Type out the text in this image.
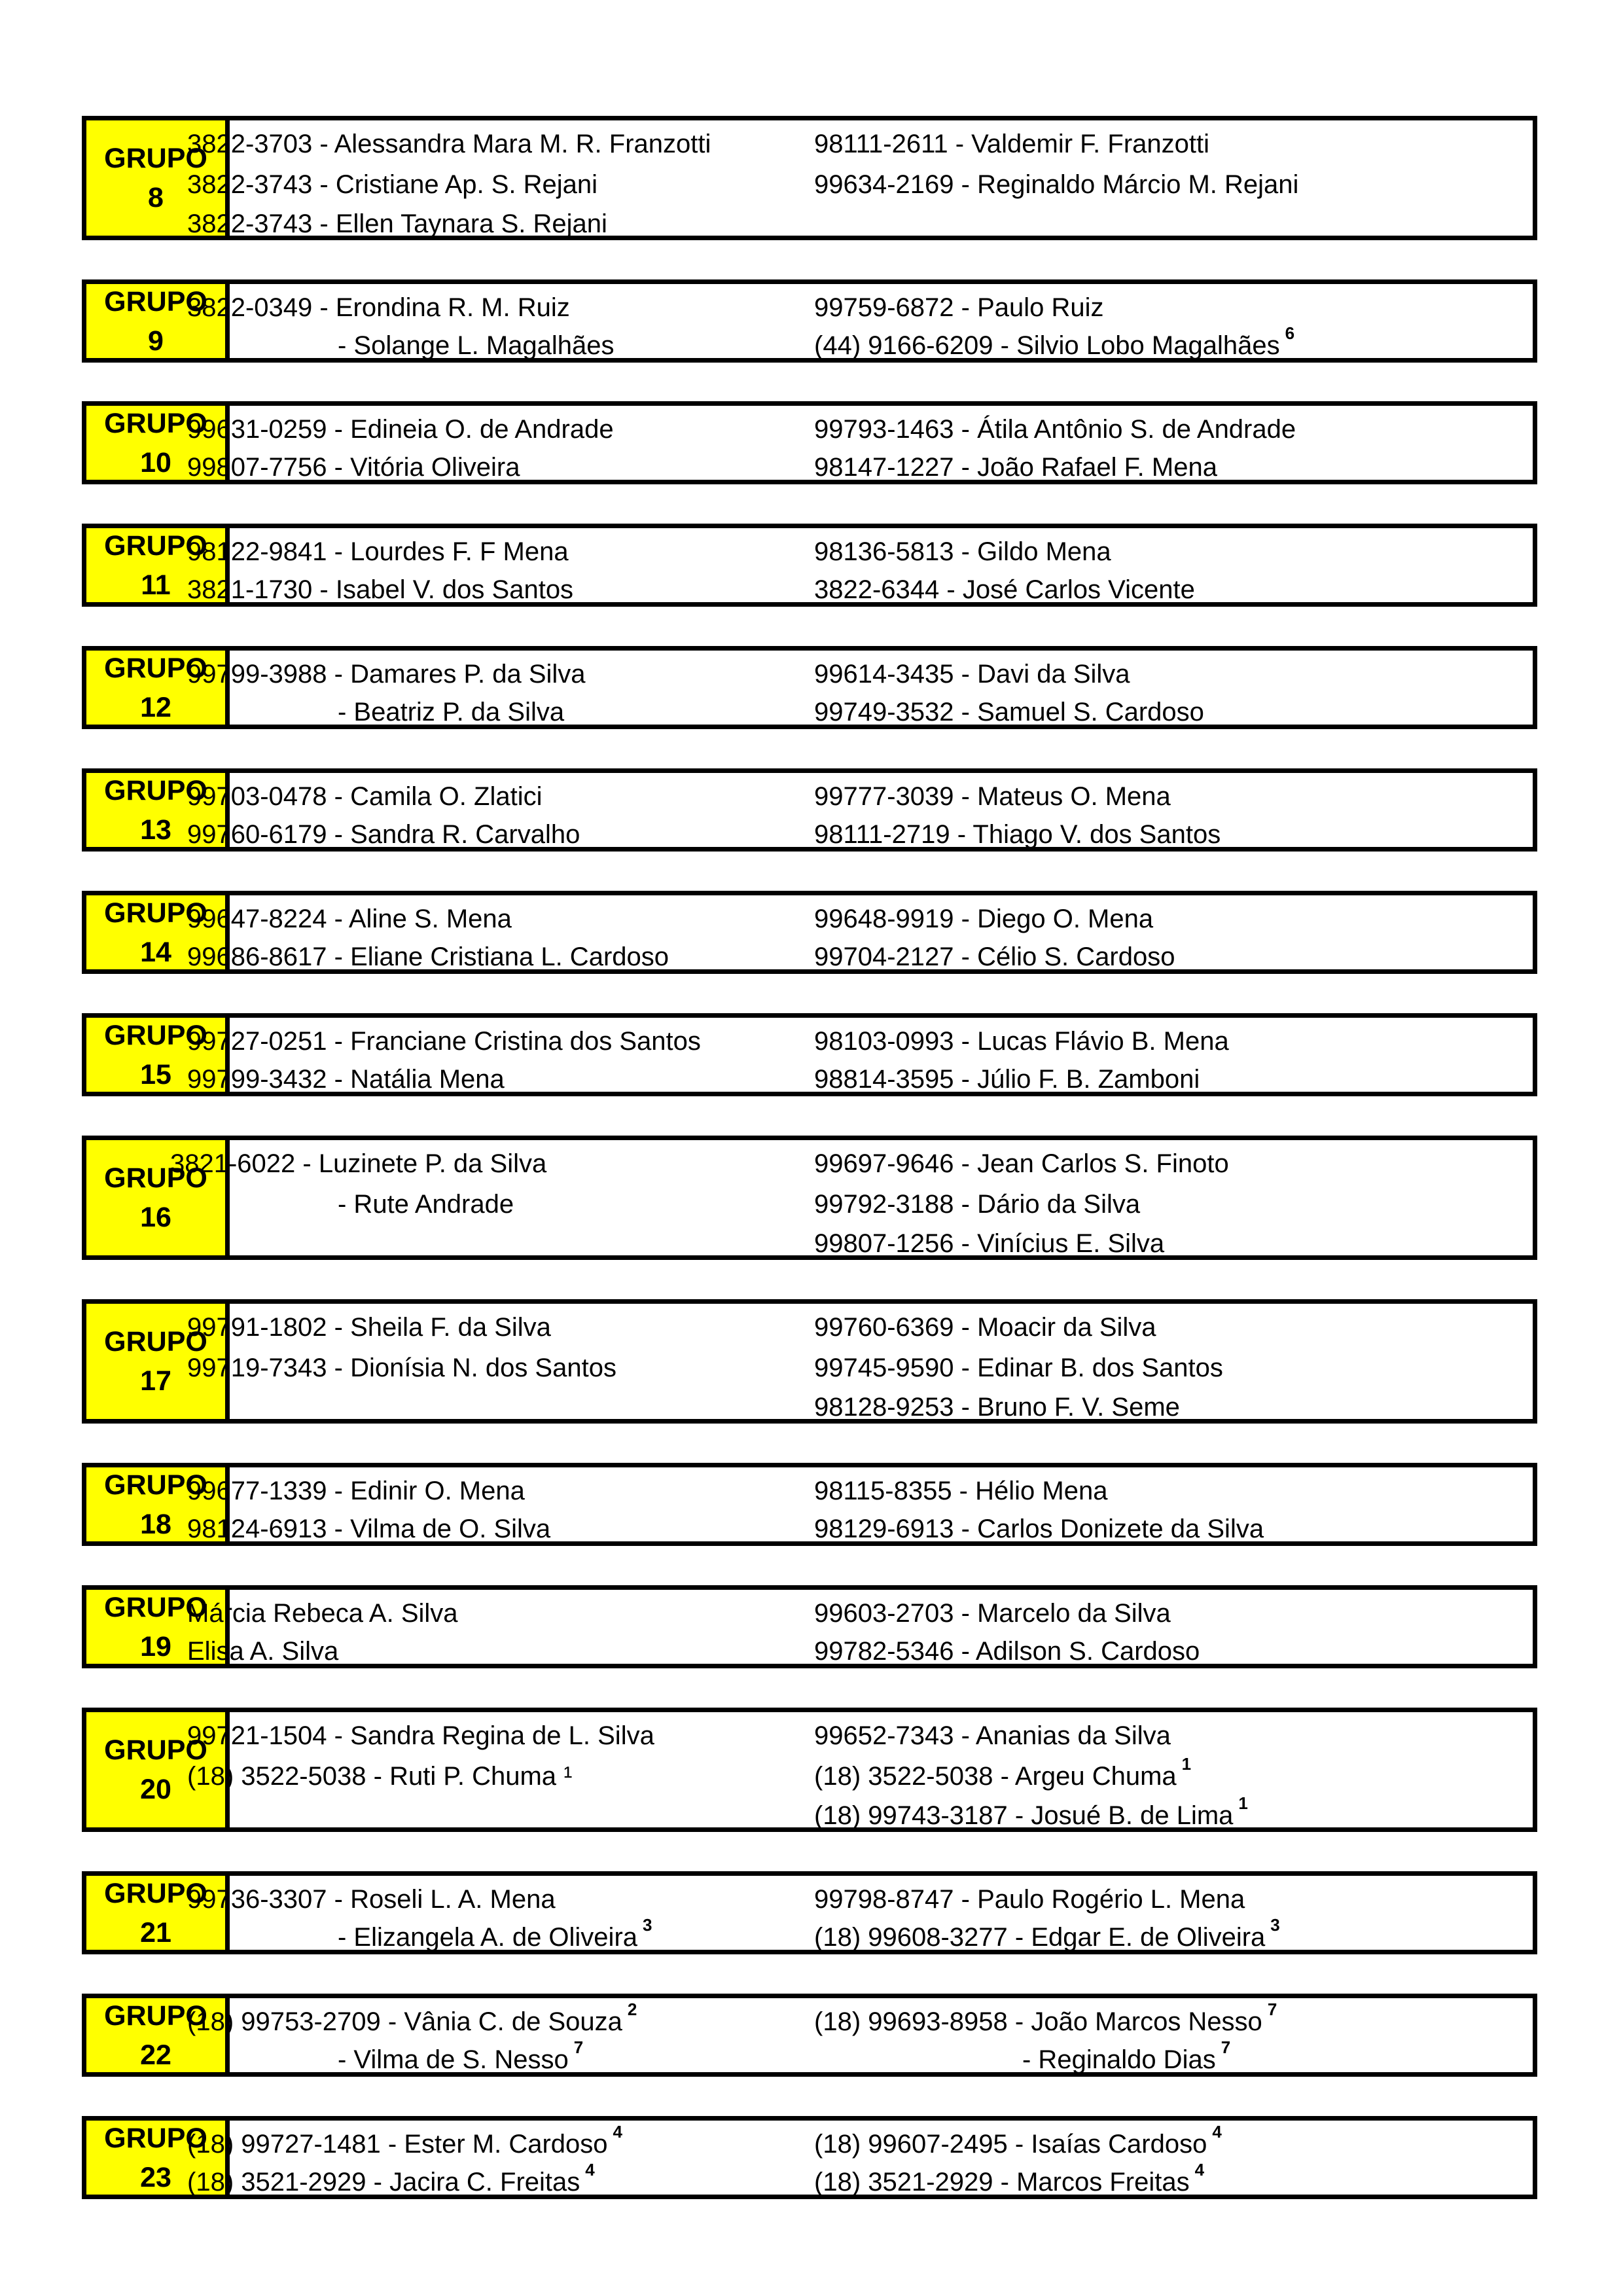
GRUPO
8
3822-3703 - Alessandra Mara M. R. Franzotti
3822-3743 - Cristiane Ap. S. Rejani
3822-3743 - Ellen Taynara S. Rejani
98111-2611 - Valdemir F. Franzotti
99634-2169 - Reginaldo Márcio M. Rejani
GRUPO
9
3822-0349 - Erondina R. M. Ruiz
- Solange L. Magalhães
99759-6872 - Paulo Ruiz
(44) 9166-6209 - Silvio Lobo Magalhães $^6$
GRUPO
10
99631-0259 - Edineia O. de Andrade
99807-7756 - Vitória Oliveira
99793-1463 - Átila Antônio S. de Andrade
98147-1227 - João Rafael F. Mena
GRUPO
11
98122-9841 - Lourdes F. F Mena
3821-1730 - Isabel V. dos Santos
98136-5813 - Gildo Mena
3822-6344 - José Carlos Vicente
GRUPO
12
99799-3988 - Damares P. da Silva
- Beatriz P. da Silva
99614-3435 - Davi da Silva
99749-3532 - Samuel S. Cardoso
GRUPO
13
99703-0478 - Camila O. Zlatici
99760-6179 - Sandra R. Carvalho
99777-3039 - Mateus O. Mena
98111-2719 - Thiago V. dos Santos
GRUPO
14
99647-8224 - Aline S. Mena
99686-8617 - Eliane Cristiana L. Cardoso
99648-9919 - Diego O. Mena
99704-2127 - Célio S. Cardoso
GRUPO
15
99727-0251 - Franciane Cristina dos Santos
99799-3432 - Natália Mena
98103-0993 - Lucas Flávio B. Mena
98814-3595 - Júlio F. B. Zamboni
GRUPO
16
3821-6022 - Luzinete P. da Silva
- Rute Andrade
99697-9646 - Jean Carlos S. Finoto
99792-3188 - Dário da Silva
99807-1256 - Vinícius E. Silva
GRUPO
17
99791-1802 - Sheila F. da Silva
99719-7343 - Dionísia N. dos Santos
99760-6369 - Moacir da Silva
99745-9590 - Edinar B. dos Santos
98128-9253 - Bruno F. V. Seme
GRUPO
18
99677-1339 - Edinir O. Mena
98124-6913 - Vilma de O. Silva
98115-8355 - Hélio Mena
98129-6913 - Carlos Donizete da Silva
GRUPO
19
Márcia Rebeca A. Silva
Elisa A. Silva
99603-2703 - Marcelo da Silva
99782-5346 - Adilson S. Cardoso
GRUPO
20
99721-1504 - Sandra Regina de L. Silva
(18) 3522-5038 - Ruti P. Chuma ¹
99652-7343 - Ananias da Silva
(18) 3522-5038 - Argeu Chuma $^1$
(18) 99743-3187 - Josué B. de Lima $^1$
GRUPO
21
99736-3307 - Roseli L. A. Mena
- Elizangela A. de Oliveira $^3$
99798-8747 - Paulo Rogério L. Mena
(18) 99608-3277 - Edgar E. de Oliveira $^3$
GRUPO
22
(18) 99753-2709 - Vânia C. de Souza $^2$
- Vilma de S. Nesso $^7$
(18) 99693-8958 - João Marcos Nesso $^7$
- Reginaldo Dias $^7$
GRUPO
23
(18) 99727-1481 - Ester M. Cardoso $^4$
(18) 3521-2929 - Jacira C. Freitas $^4$
(18) 99607-2495 - Isaías Cardoso $^4$
(18) 3521-2929 - Marcos Freitas $^4$
